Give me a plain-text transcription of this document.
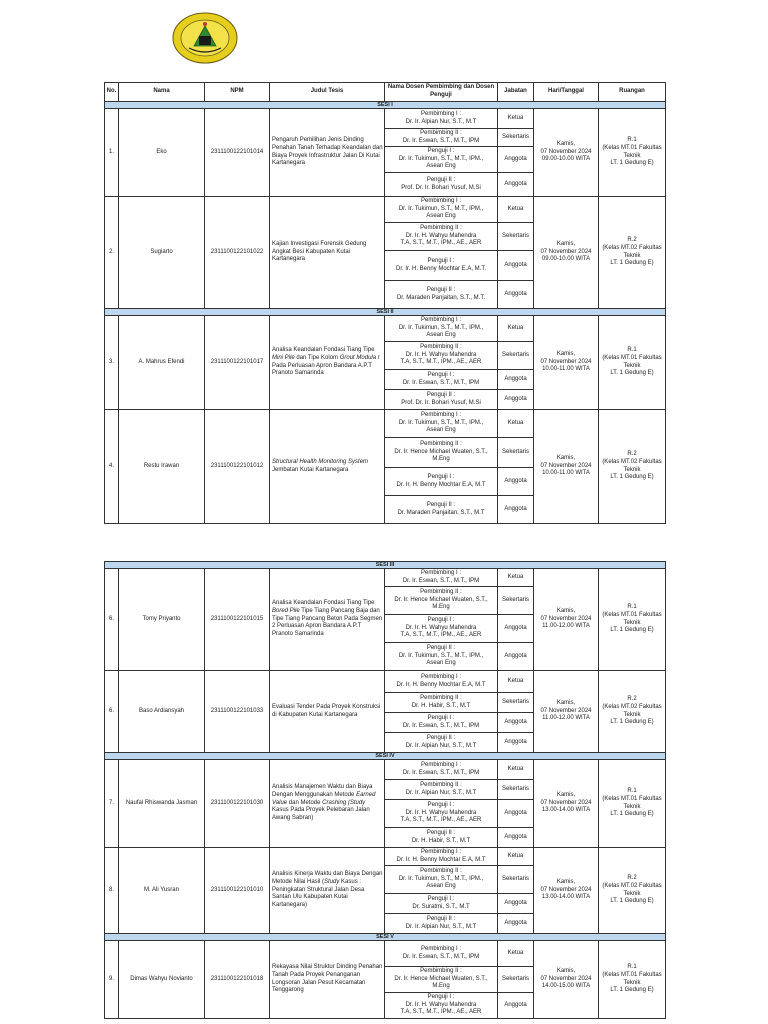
No.	Nama	NPM	Judul Tesis	Nama Dosen Pembimbing dan Dosen Penguji	Jabatan	Hari/Tanggal	Ruangan
SESI I							
1.	Eko	2311100122101014	Pengaruh Pemilihan Jenis Dinding Penahan Tanah Terhadap Keandalan dan Biaya Proyek Infrastruktur Jalan Di Kutai Kartanegara	Pembimbing I :
Dr. Ir. Alpian Nur, S.T., M.T	Ketua	Kamis,
07 November 2024
09.00-10.00 WITA	R.1
(Kelas MT.01 Fakultas Teknik
LT. 1 Gedung E)
				Pembimbing II :
Dr. Ir. Eswan, S.T., M.T., IPM	Sekertaris		
				Penguji I :
Dr. Ir. Tukimun, S.T., M.T., IPM.,
Asean Eng	Anggota		
				Penguji II :
Prof. Dr. Ir. Bohari Yusuf, M.Si	Anggota		
2.	Sugiarto	2311100122101022	Kajian Investigasi Forensik Gedung Angkat Besi Kabupaten Kutai Kartanegara	Pembimbing I :
Dr. Ir. Tukimun, S.T., M.T., IPM.,
Asean Eng	Ketua	Kamis,
07 November 2024
09.00-10.00 WITA	R.2
(Kelas MT.02 Fakultas Teknik
LT. 1 Gedung E)
				Pembimbing II :
Dr. Ir. H. Wahyu Mahendra
T.A, S.T., M.T., IPM., AE., AER	Sekertaris		
				Penguji I :
Dr. Ir. H. Benny Mochtar E.A, M.T.	Anggota		
				Penguji II :
Dr. Maraden Panjaitan, S.T., M.T.	Anggota		
SESI II							
3.	A. Mahrus Efendi	2311100122101017	Analisa Keandalan Fondasi Tiang Tipe Mini Pile dan Tipe Kolom Grout Modula r Pada Perluasan Apron Bandara A.P.T Pranoto Samarinda	Pembimbing I :
Dr. Ir. Tukimun, S.T., M.T., IPM.,
Asean Eng	Ketua	Kamis,
07 November 2024
10.00-11.00 WITA	R.1
(Kelas MT.01 Fakultas Teknik
LT. 1 Gedung E)
				Pembimbing II :
Dr. Ir. H. Wahyu Mahendra
T.A, S.T., M.T., IPM., AE., AER	Sekertaris		
				Penguji I :
Dr. Ir. Eswan, S.T., M.T., IPM	Anggota		
				Penguji II :
Prof. Dr. Ir. Bohari Yusuf, M.Si	Anggota		
4.	Restu Irawan	2311100122101012	Structural Health Monitoring System Jembatan Kutai Kartanegara	Pembimbing I :
Dr. Ir. Tukimun, S.T., M.T., IPM.,
Asean Eng	Ketua	Kamis,
07 November 2024
10.00-11.00 WITA	R.2
(Kelas MT.02 Fakultas Teknik
LT. 1 Gedung E)
				Pembimbing II :
Dr. Ir. Hence Michael Wuaten, S.T.,
M.Eng	Sekertaris		
				Penguji I :
Dr. Ir. H. Benny Mochtar E.A, M.T	Anggota		
				Penguji II :
Dr. Maraden Panjaitan, S.T., M.T	Anggota		
SESI III							
6.	Tomy Priyanto	2311100122101015	Analisa Keandalan Fondasi Tiang Tipe Bored Pile Tipe Tiang Pancang Baja dan Tipe Tiang Pancang Beton Pada Segmen 2 Perluasan Apron Bandara A.P.T Pranoto Samarinda	Pembimbing I :
Dr. Ir. Eswan, S.T., M.T., IPM	Ketua	Kamis,
07 November 2024
11.00-12.00 WITA	R.1
(Kelas MT.01 Fakultas Teknik
LT. 1 Gedung E)
				Pembimbing II :
Dr. Ir. Hence Michael Wuaten, S.T.,
M.Eng	Sekertaris		
				Penguji I :
Dr. Ir. H. Wahyu Mahendra
T.A, S.T., M.T., IPM., AE., AER	Anggota		
				Penguji II :
Dr. Ir. Tukimun, S.T., M.T., IPM.,
Asean Eng	Anggota		
6.	Baso Ardiansyah	2311100122101033	Evaluasi Tender Pada Proyek Konstruksi di Kabupaten Kutai Kartanegara	Pembimbing I :
Dr. Ir. H. Benny Mochtar E.A, M.T	Ketua	Kamis,
07 November 2024
11.00-12.00 WITA	R.2
(Kelas MT.02 Fakultas Teknik
LT. 1 Gedung E)
				Pembimbing II :
Dr. H. Habir, S.T., M.T	Sekertaris		
				Penguji I :
Dr. Ir. Eswan, S.T., M.T., IPM	Anggota		
				Penguji II :
Dr. Ir. Alpian Nur, S.T., M.T	Anggota		
SESI IV							
7.	Naufal Rhiswanda Jasman	2311100122101030	Analisis Manajemen Waktu dan Biaya Dengan Menggunakan Metode Earned Value dan Metode Crashing (Study Kasus Pada Proyek Pelebaran Jalan Awang Sabran)	Pembimbing I :
Dr. Ir. Eswan, S.T., M.T., IPM	Ketua	Kamis,
07 November 2024
13.00-14.00 WITA	R.1
(Kelas MT.01 Fakultas Teknik
LT. 1 Gedung E)
				Pembimbing II :
Dr. Ir. Alpian Nur, S.T., M.T	Sekertaris		
				Penguji I :
Dr. Ir. H. Wahyu Mahendra
T.A, S.T., M.T., IPM., AE., AER	Anggota		
				Penguji II :
Dr. H. Habir, S.T., M.T	Anggota		
8.	M. Ali Yusran	2311100122101010	Analisis Kinerja Waktu dan Biaya Dengan Metode Nilai Hasil (Study Kasus : Peningkatan Struktural Jalan Desa Santan Ulu Kabupaten Kutai Kartanegara)	Pembimbing I :
Dr. Ir. H. Benny Mochtar E.A, M.T	Ketua	Kamis,
07 November 2024
13.00-14.00 WITA	R.2
(Kelas MT.02 Fakultas Teknik
LT. 1 Gedung E)
				Pembimbing II :
Dr. Ir. Tukimun, S.T., M.T., IPM.,
Asean Eng	Sekertaris		
				Penguji I :
Dr. Suratmi, S.T., M.T	Anggota		
				Penguji II :
Dr. Ir. Alpian Nur, S.T., M.T	Anggota		
SESI V							
9.	Dimas Wahyu Novianto	2311100122101018	Rekayasa Nilai Struktur Dinding Penahan Tanah Pada Proyek Penanganan Longsoran Jalan Pesut Kecamatan Tenggarong	Pembimbing I :
Dr. Ir. Eswan, S.T., M.T., IPM	Ketua	Kamis,
07 November 2024
14.00-15.00 WITA	R.1
(Kelas MT.01 Fakultas Teknik
LT. 1 Gedung E)
				Pembimbing II :
Dr. Ir. Hence Michael Wuaten, S.T.,
M.Eng	Sekertaris		
				Penguji I :
Dr. Ir. H. Wahyu Mahendra
T.A, S.T., M.T., IPM., AE., AER	Anggota		
